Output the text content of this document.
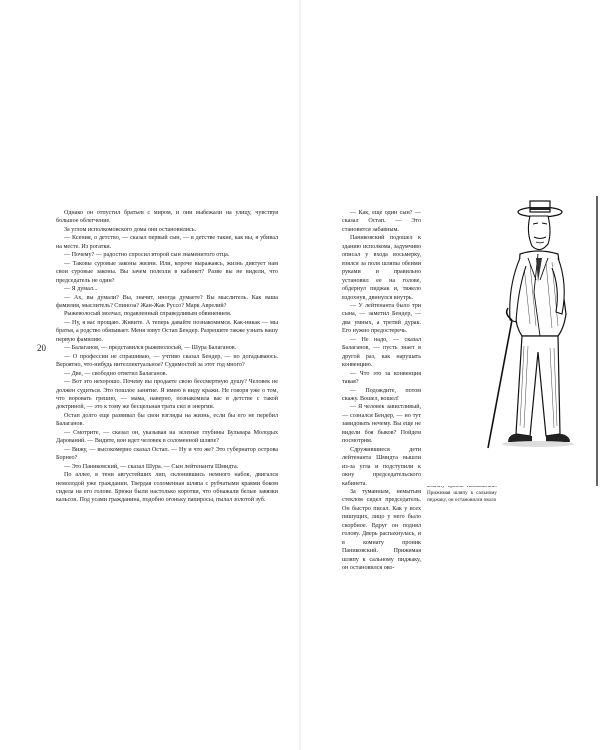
20

Однако он отпустил братьев с миром, и они выбежали на улицу, чувствуя большое облегчение.

За углом исполкомовского дома они остановились.

— Ксения, о детство, — сказал первый сын, — в детстве такие, как вы, я убивал на месте. Из рогатки.

— Почему? — радостно спросил второй сын знаменитого отца.

— Таковы суровые законы жизни. Или, короче выражаясь, жизнь диктует нам свои суровые законы. Вы зачем полезли в кабинет? Разве вы не видели, что председатель не один?

— Я думал...

— Ах, вы думали? Вы, значит, иногда думаете? Вы мыслитель. Как ваша фамилия, мыслитель? Спиноза? Жан-Жак Руссо? Марк Аврелий?

Рыжеволосый молчал, подавленный справедливым обвинением.

— Ну, я вас прощаю. Живите. А теперь давайте познакомимся. Как-никак — мы братья, а родство обязывает. Меня зовут Остап Бендер. Разрешите также узнать вашу первую фамилию.

— Балаганов, — представился рыжеволосый, — Шура Балаганов.

— О профессии не спрашиваю, — учтиво сказал Бендер, — но догадываюсь. Вероятно, что-нибудь интеллектуальное? Судимостей за этот год много?

— Две, — свободно ответил Балаганов.

— Вот это нехорошо. Почему вы продаете свою бессмертную душу? Человек не должен судиться. Это пошлое занятие. Я имею в виду кражи. Не говоря уже о том, что воровать грешно, — мама, наверно, познакомила вас в детстве с такой доктриной, — это к тому же бесцельная трата сил и энергии.

Остап долго еще развивал бы свои взгляды на жизнь, если бы его не перебил Балаганов.

— Смотрите, — сказал он, указывая на зеленые глубины Бульвара Молодых Дарований. — Видите, вон идет человек в соломенной шляпе?

— Вижу, — высокомерно сказал Остап. — Ну и что же? Это губернатор острова Борнео?

— Это Паниковский, — сказал Шура. — Сын лейтенанта Шмидта.

По аллее, в тени августейших лип, склонившись немного набок, двигался немолодой уже гражданин. Твердая соломенная шляпа с рубчатыми краями боком сидела на его голове. Брюки были настолько коротки, что обнажали белые завязки кальсон. Под усами гражданина, подобно огоньку папиросы, пылал золотой зуб.

— Как, еще один сын? — сказал Остап. — Это становится забавным.

Паниковский подошел к зданию исполкома, задумчиво описал у входа восьмерку, взялся за поля шляпы обеими руками и правильно установил ее на голове, обдернул пиджак и, тяжело вздохнув, двинулся внутрь.

— У лейтенанта было три сына, — заметил Бендер, — два умных, а третий дурак. Его нужно предостеречь.

— Не надо, — сказал Балаганов, — пусть знает в другой раз, как нарушать конвенцию.

— Что это за конвенция такая?

— Подождите, потом скажу. Вошел, вошел!

— Я человек завистливый, — сознался Бендер, — но тут завидовать нечему. Вы еще не видели боя быков? Пойдем посмотрим.

Сдружившиеся дети лейтенанта Шмидта вышли из-за угла и подступили к окну председательского кабинета.

За туманным, немытым стеклом сидел председатель. Он быстро писал. Как у всех пишущих, лицо у него было скорбное. Вдруг он поднял голову. Дверь распахнулась, и в комнату проник Паниковский. Прижимая шляпу к сальному пиджаку, он остановился око-

Прижимая шляпу к сальному пиджаку, он остановился около
